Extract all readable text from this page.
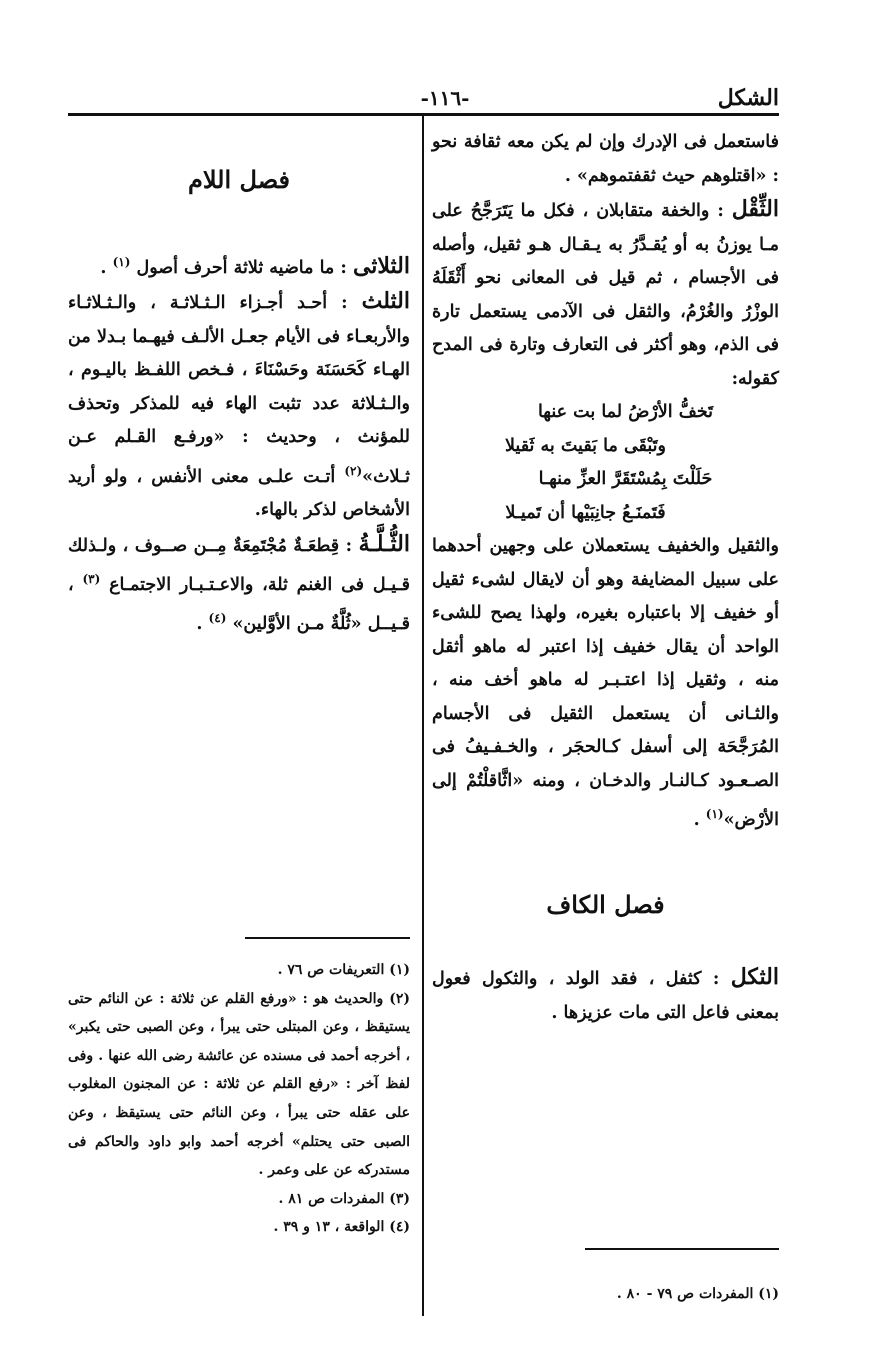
الشكل
-١١٦-

فاستعمل فى الإدرك وإن لم يكن معه ثقافة نحو : «اقتلوهم حيث ثقفتموهم» .

الثِّقْل : والخفة متقابلان ، فكل ما يَتَرَجَّحُ على مـا يوزنُ به أو يُقـدَّرُ به يـقـال هـو ثقيل، وأصله فى الأجسام ، ثم قيل فى المعانى نحو أَثْقَلَهُ الوزْرُ والغُرْمُ، والثقل فى الآدمى يستعمل تارة فى الذم، وهو أكثر فى التعارف وتارة فى المدح كقوله:

تَخفُّ الأرْضُ لما بت عنها

وتَبْقَى ما بَقيتَ به ثَقيلا

حَلَلْتَ بِمُسْتَقَرَّ العزِّ منهـا

فَتَمنَـعُ جانِبَيْها أن تَميـلا

والثقيل والخفيف يستعملان على وجهين أحدهما على سبيل المضايفة وهو أن لايقال لشىء ثقيل أو خفيف إلا باعتباره بغيره، ولهذا يصح للشىء الواحد أن يقال خفيف إذا اعتبر له ماهو أثقل منه ، وثقيل إذا اعتـبـر له ماهو أخف منه ، والثـانى أن يستعمل الثقيل فى الأجسام المُرَجَّحَة إلى أسفل كـالحجَر ، والخـفـيفُ فى الصـعـود كـالنـار والدخـان ، ومنه «اثَّاقلْتُمْ إلى الأرْض»$^{(١)}$ .

فصل الكاف

الثكل : كثفل ، فقد الولد ، والثكول فعول بمعنى فاعل التى مات عزيزها .

فصل اللام

الثلاثى : ما ماضيه ثلاثة أحرف أصول $^{(١)}$ .

الثلث : أحـد أجـزاء الـثـلاثـة ، والـثـلاثـاء والأربعـاء فى الأيام جعـل الألـف فيهـما بـدلا من الهـاء كَحَسَنَة وحَسْنَاءَ ، فـخص اللفـظ باليـوم ، والـثـلاثة عدد تثبت الهاء فيه للمذكر وتحذف للمؤنث ، وحديث : «ورفـع القـلم عـن ثـلاث»$^{(٢)}$ أتـت علـى معنى الأنفس ، ولو أريد الأشخاص لذكر بالهاء.

الثُّـلَّـةُ : قِطعَـةٌ مُجْتَمِعَةٌ مِــن صــوف ، ولـذلك قـيـل فى الغنم ثلة، والاعـتـبـار الاجتمـاع $^{(٣)}$ ، قـيــل «ثُلَّةٌ مـن الأوَّلين» $^{(٤)}$ .

(١) التعريفات ص ٧٦ .

(٢) والحديث هو : «ورفع القلم عن ثلاثة : عن النائم حتى يستيقظ ، وعن المبتلى حتى يبرأ ، وعن الصبى حتى يكبر» ، أخرجه أحمد فى مسنده عن عائشة رضى الله عنها . وفى لفظ آخر : «رفع القلم عن ثلاثة : عن المجنون المغلوب على عقله حتى يبرأ ، وعن النائم حتى يستيقظ ، وعن الصبى حتى يحتلم» أخرجه أحمد وابو داود والحاكم فى مستدركه عن على وعمر .

(٣) المفردات ص ٨١ .

(٤) الواقعة ، ١٣ و ٣٩ .

(١) المفردات ص ٧٩ - ٨٠ .
